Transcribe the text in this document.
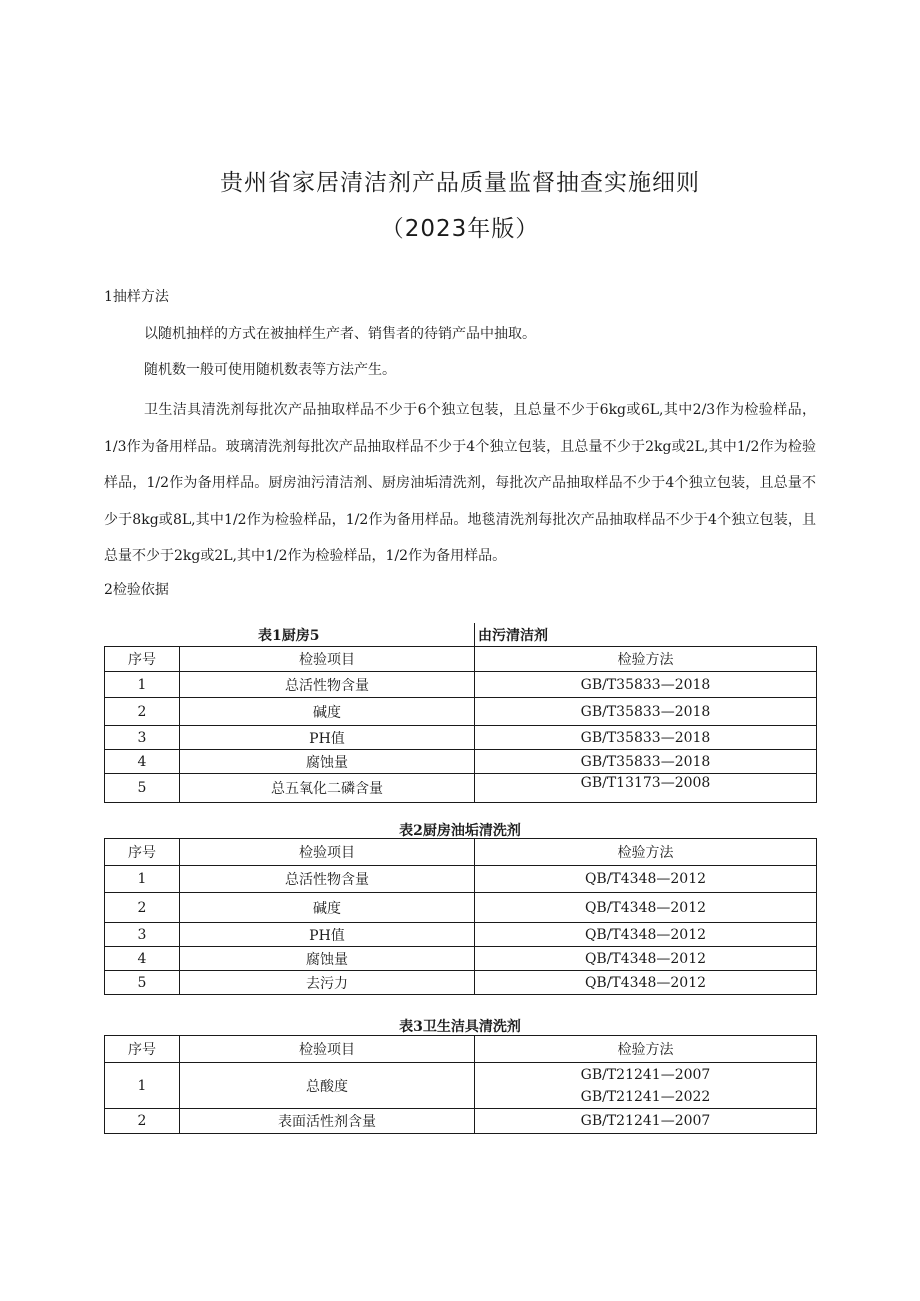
贵州省家居清洁剂产品质量监督抽查实施细则
（2023年版）
1抽样方法
以随机抽样的方式在被抽样生产者、销售者的待销产品中抽取。
随机数一般可使用随机数表等方法产生。
卫生洁具清洗剂每批次产品抽取样品不少于6个独立包装，且总量不少于6kg或6L,其中2/3作为检验样品，1/3作为备用样品。玻璃清洗剂每批次产品抽取样品不少于4个独立包装，且总量不少于2kg或2L,其中1/2作为检验样品，1/2作为备用样品。厨房油污清洁剂、厨房油垢清洗剂，每批次产品抽取样品不少于4个独立包装，且总量不少于8kg或8L,其中1/2作为检验样品，1/2作为备用样品。地毯清洗剂每批次产品抽取样品不少于4个独立包装，且总量不少于2kg或2L,其中1/2作为检验样品，1/2作为备用样品。
2检验依据
表1厨房5	由污清洁剂
序号	检验项目	检验方法
1	总活性物含量	GB/T35833—2018
2	碱度	GB/T35833—2018
3	PH值	GB/T35833—2018
4	腐蚀量	GB/T35833—2018
5	总五氧化二磷含量	GB/T13173—2008
表2厨房油垢清洗剂
序号	检验项目	检验方法
1	总活性物含量	QB/T4348—2012
2	碱度	QB/T4348—2012
3	PH值	QB/T4348—2012
4	腐蚀量	QB/T4348—2012
5	去污力	QB/T4348—2012
表3卫生洁具清洗剂
序号	检验项目	检验方法
1	总酸度	GB/T21241—2007
GB/T21241—2022

2	表面活性剂含量	GB/T21241—2007
